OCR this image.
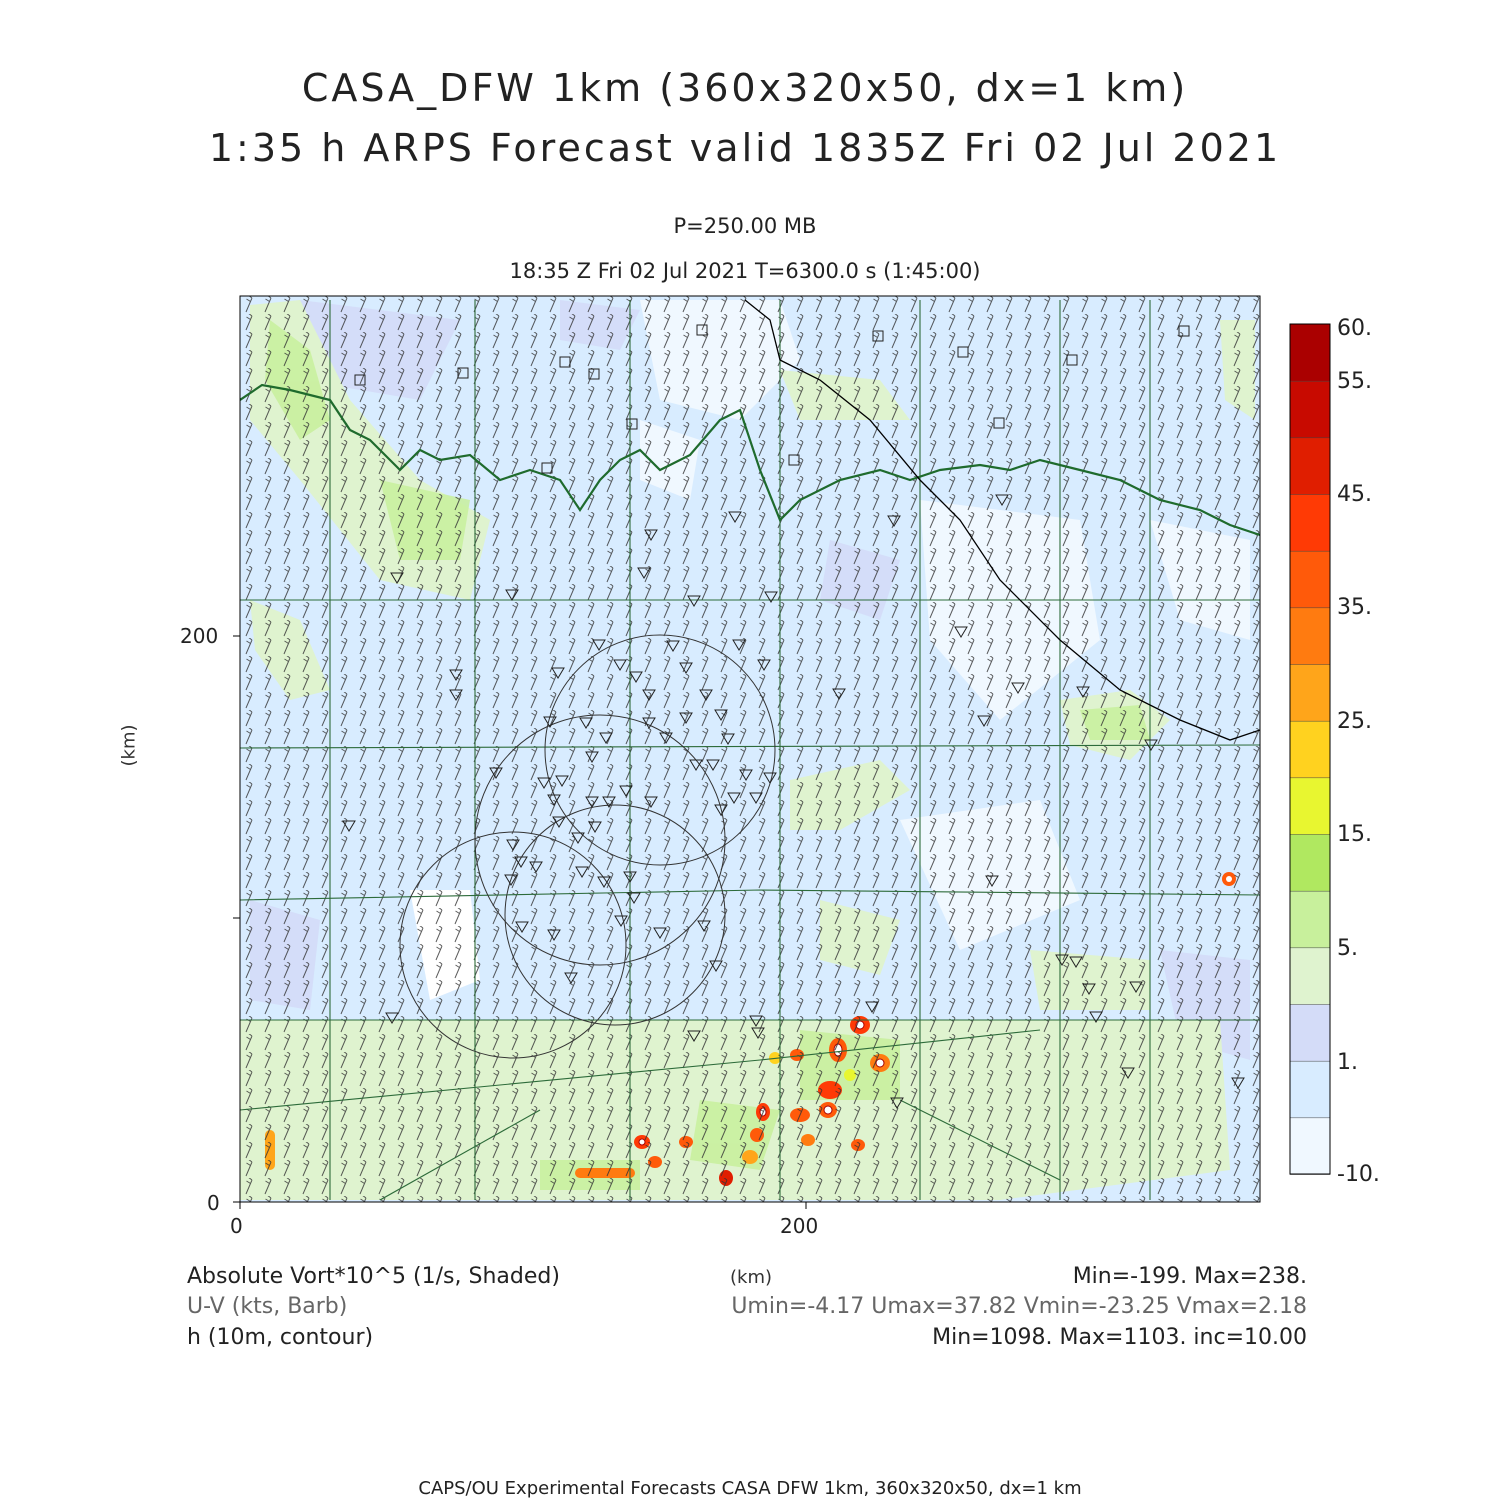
CASA_DFW 1km (360x320x50, dx=1 km)
1:35 h ARPS Forecast valid 1835Z Fri 02 Jul 2021
P=250.00 MB
18:35 Z Fri 02 Jul 2021 T=6300.0 s (1:45:00)
200
0
0	200
(km)
(km)
60.
55.
45.
35.
25.
15.
5.
1.
-10.
Absolute Vort*10^5 (1/s, Shaded)
U-V (kts, Barb)
h (10m, contour)
Min=-199. Max=238.
Umin=-4.17 Umax=37.82 Vmin=-23.25 Vmax=2.18
Min=1098. Max=1103. inc=10.00
CAPS/OU Experimental Forecasts CASA DFW 1km, 360x320x50, dx=1 km
